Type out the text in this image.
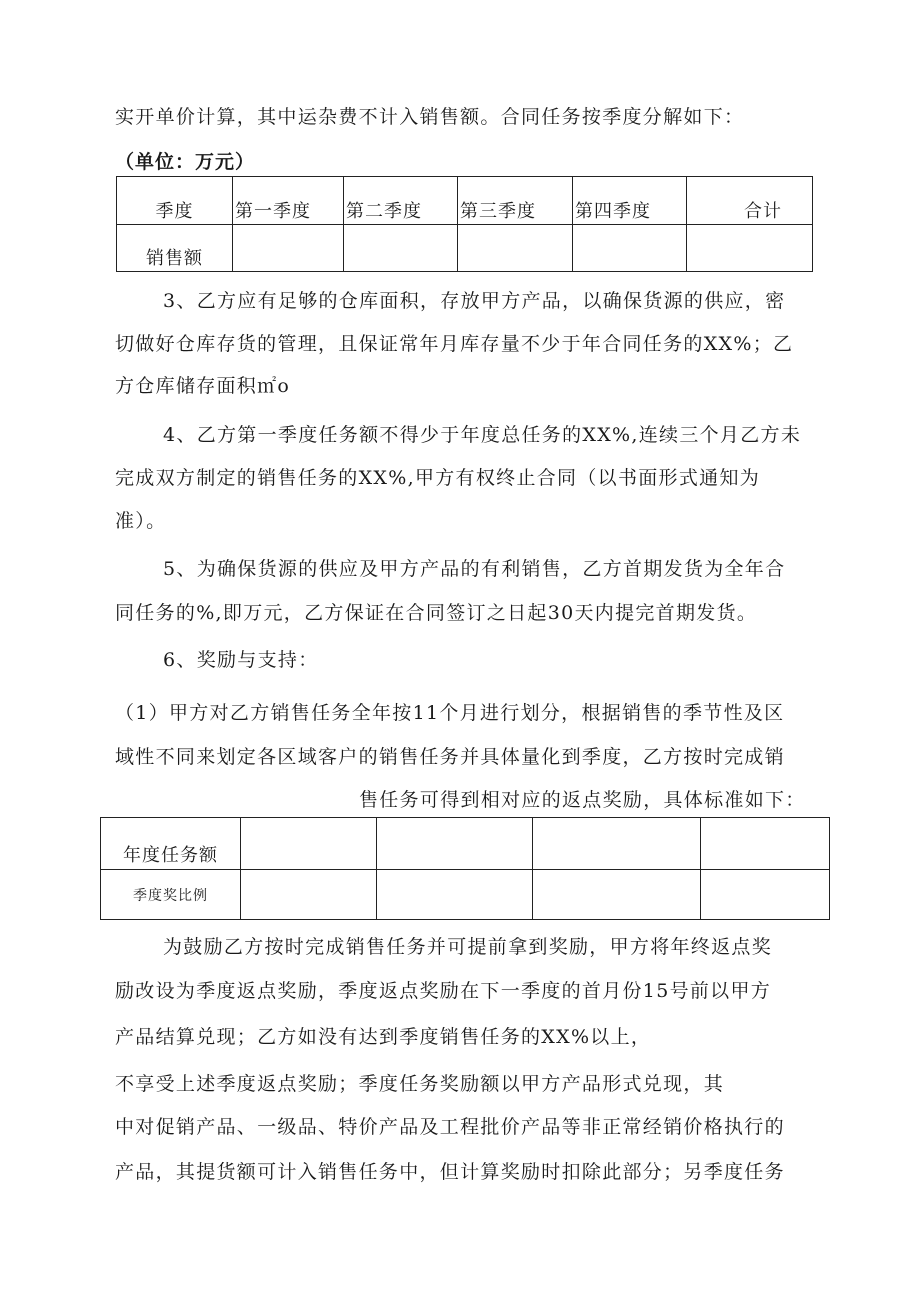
实开单价计算，其中运杂费不计入销售额。合同任务按季度分解如下：
（单位：万元）
季度	第一季度	第二季度	第三季度	第四季度	合计
销售额					
3、乙方应有足够的仓库面积，存放甲方产品，以确保货源的供应，密
切做好仓库存货的管理，且保证常年月库存量不少于年合同任务的XX%；乙
方仓库储存面积㎡o
4、乙方第一季度任务额不得少于年度总任务的XX%,连续三个月乙方未
完成双方制定的销售任务的XX%,甲方有权终止合同（以书面形式通知为
准）。
5、为确保货源的供应及甲方产品的有利销售，乙方首期发货为全年合
同任务的%,即万元，乙方保证在合同签订之日起30天内提完首期发货。
6、奖励与支持：
（1）甲方对乙方销售任务全年按11个月进行划分，根据销售的季节性及区
域性不同来划定各区域客户的销售任务并具体量化到季度，乙方按时完成销
售任务可得到相对应的返点奖励，具体标准如下：
年度任务额				
季度奖比例				
为鼓励乙方按时完成销售任务并可提前拿到奖励，甲方将年终返点奖
励改设为季度返点奖励，季度返点奖励在下一季度的首月份15号前以甲方
产品结算兑现；乙方如没有达到季度销售任务的XX%以上，
不享受上述季度返点奖励；季度任务奖励额以甲方产品形式兑现，其
中对促销产品、一级品、特价产品及工程批价产品等非正常经销价格执行的
产品，其提货额可计入销售任务中，但计算奖励时扣除此部分；另季度任务
